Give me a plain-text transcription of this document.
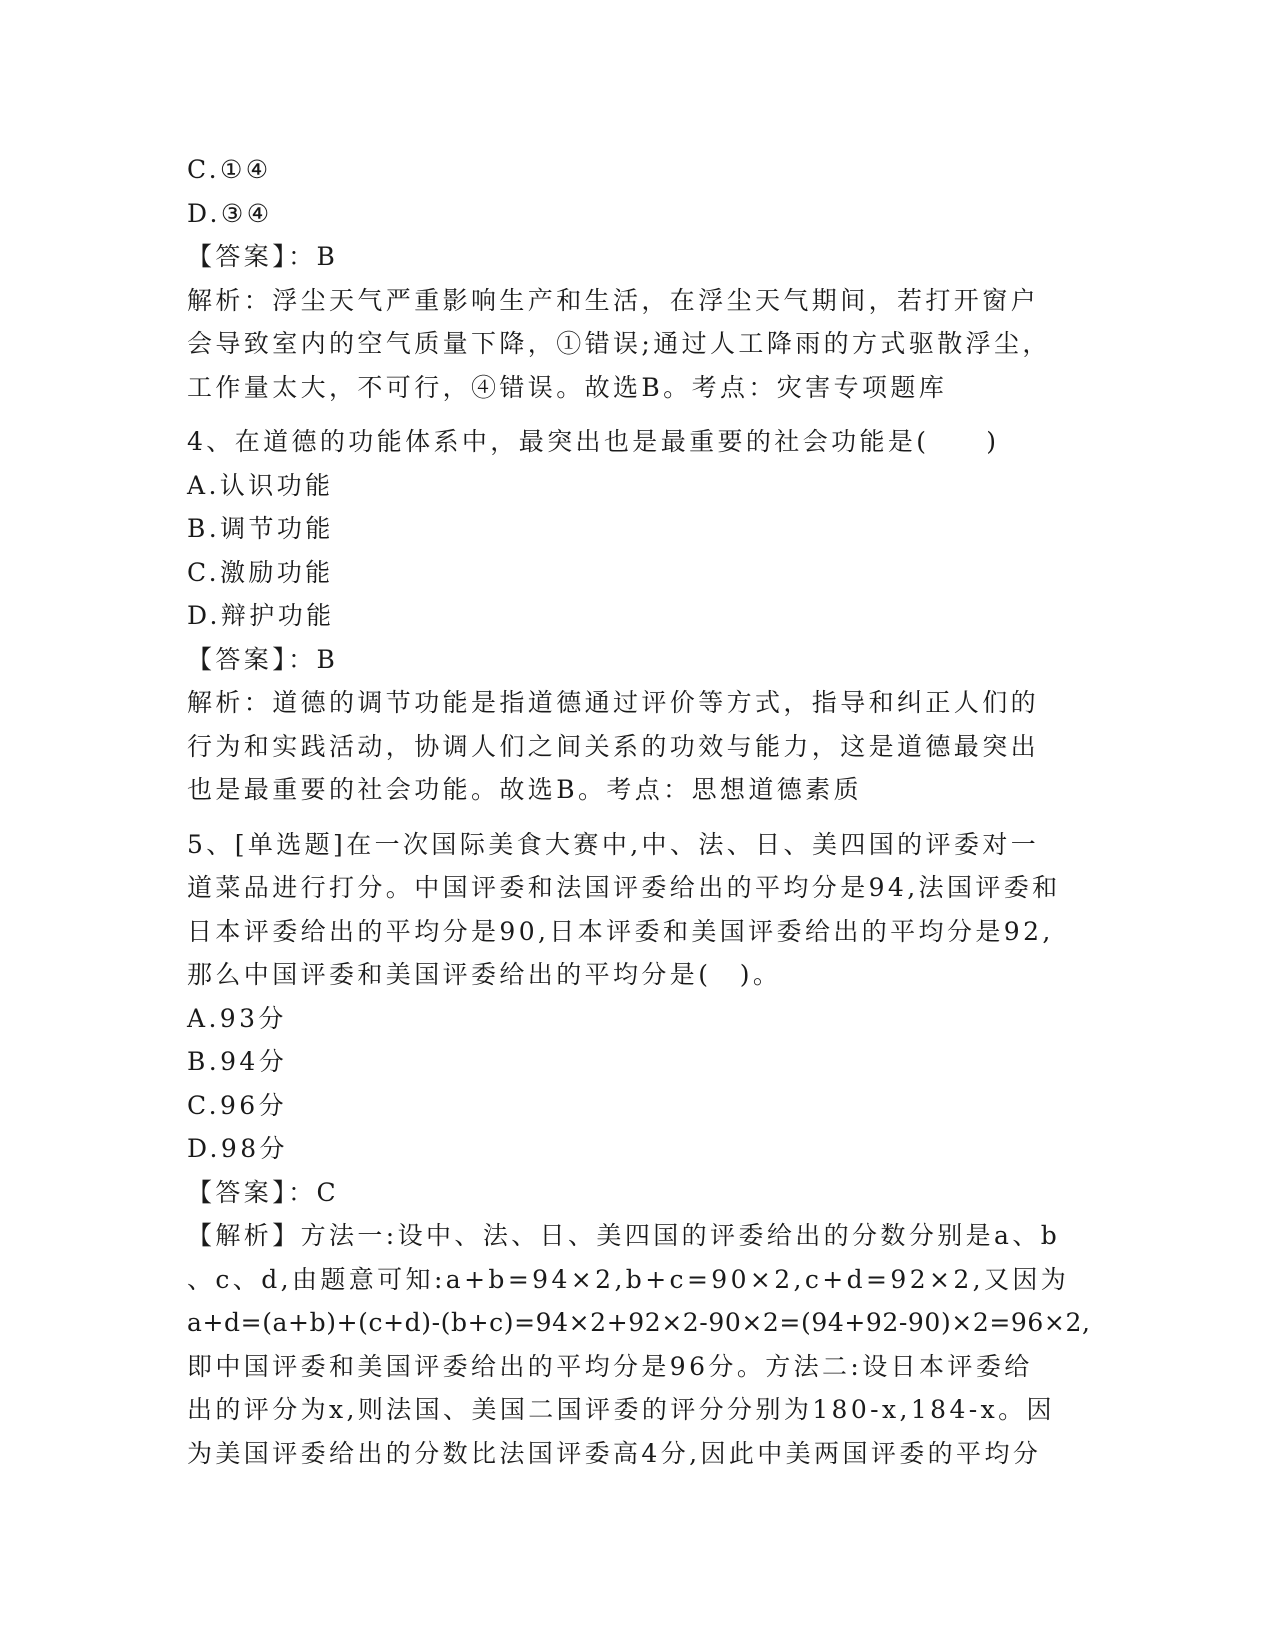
C.①④
D.③④
【答案】：B
解析：浮尘天气严重影响生产和生活，在浮尘天气期间，若打开窗户
会导致室内的空气质量下降，①错误;通过人工降雨的方式驱散浮尘，
工作量太大，不可行，④错误。故选B。考点：灾害专项题库
4、在道德的功能体系中，最突出也是最重要的社会功能是(　　)
A.认识功能
B.调节功能
C.激励功能
D.辩护功能
【答案】：B
解析：道德的调节功能是指道德通过评价等方式，指导和纠正人们的
行为和实践活动，协调人们之间关系的功效与能力，这是道德最突出
也是最重要的社会功能。故选B。考点：思想道德素质
5、[单选题]在一次国际美食大赛中,中、法、日、美四国的评委对一
道菜品进行打分。中国评委和法国评委给出的平均分是94,法国评委和
日本评委给出的平均分是90,日本评委和美国评委给出的平均分是92,
那么中国评委和美国评委给出的平均分是(　)。
A.93分
B.94分
C.96分
D.98分
【答案】：C
【解析】方法一:设中、法、日、美四国的评委给出的分数分别是a、b
、c、d,由题意可知:a+b=94×2,b+c=90×2,c+d=92×2,又因为
a+d=(a+b)+(c+d)-(b+c)=94×2+92×2-90×2=(94+92-90)×2=96×2,
即中国评委和美国评委给出的平均分是96分。方法二:设日本评委给
出的评分为x,则法国、美国二国评委的评分分别为180-x,184-x。因
为美国评委给出的分数比法国评委高4分,因此中美两国评委的平均分
